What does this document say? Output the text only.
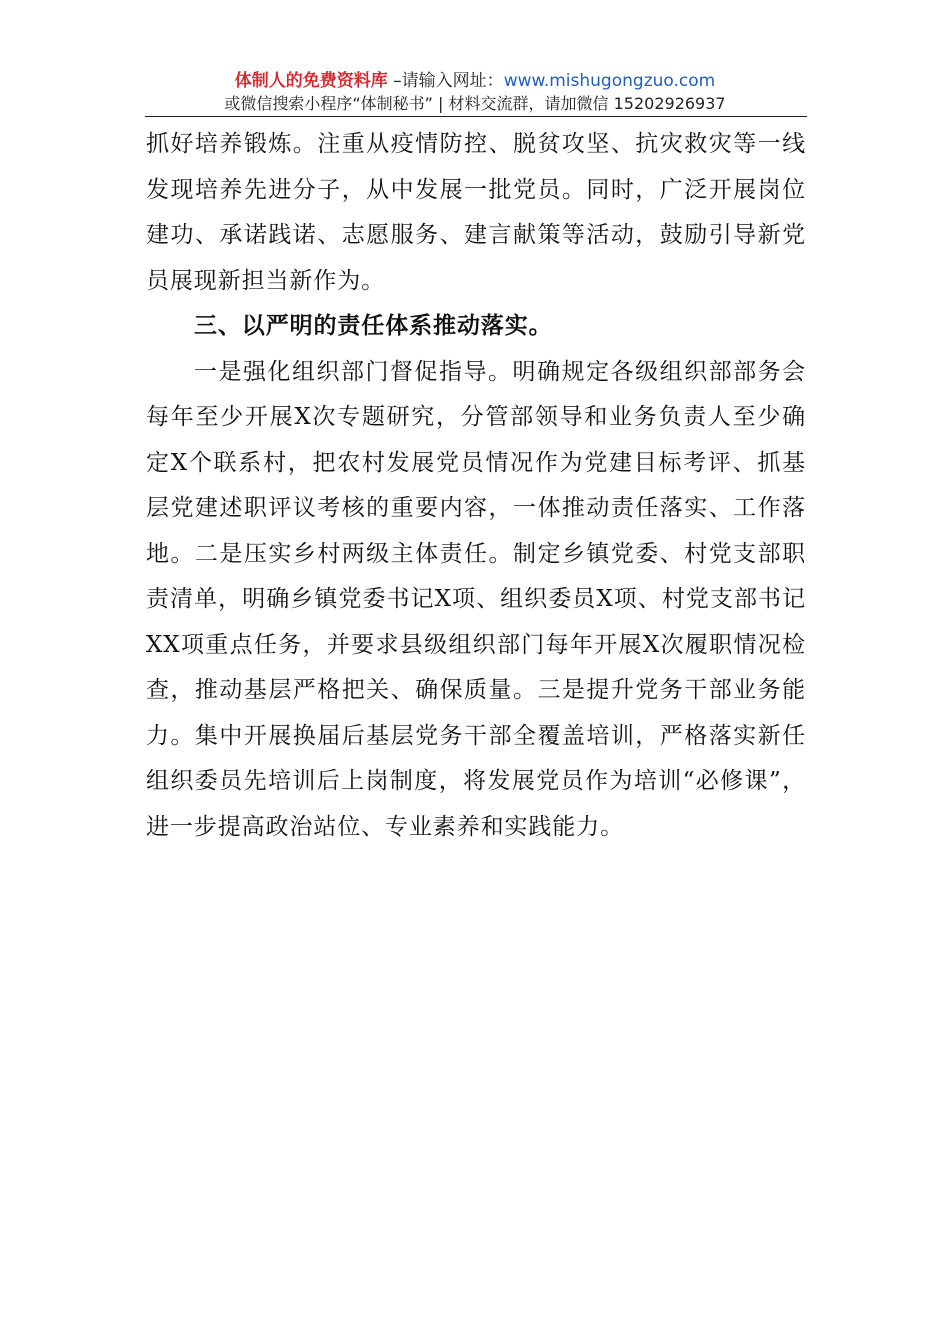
体制人的免费资料库 –请输入网址：www.mishugongzuo.com
或微信搜索小程序“体制秘书” | 材料交流群，请加微信 15202926937

抓好培养锻炼。注重从疫情防控、脱贫攻坚、抗灾救灾等一线发现培养先进分子，从中发展一批党员。同时，广泛开展岗位建功、承诺践诺、志愿服务、建言献策等活动，鼓励引导新党员展现新担当新作为。

三、以严明的责任体系推动落实。

一是强化组织部门督促指导。明确规定各级组织部部务会每年至少开展X次专题研究，分管部领导和业务负责人至少确定X个联系村，把农村发展党员情况作为党建目标考评、抓基层党建述职评议考核的重要内容，一体推动责任落实、工作落地。二是压实乡村两级主体责任。制定乡镇党委、村党支部职责清单，明确乡镇党委书记X项、组织委员X项、村党支部书记XX项重点任务，并要求县级组织部门每年开展X次履职情况检查，推动基层严格把关、确保质量。三是提升党务干部业务能力。集中开展换届后基层党务干部全覆盖培训，严格落实新任组织委员先培训后上岗制度，将发展党员作为培训“必修课”，进一步提高政治站位、专业素养和实践能力。
